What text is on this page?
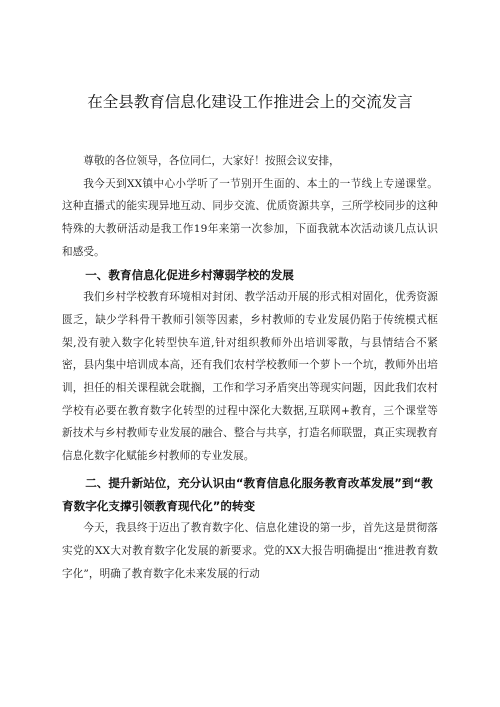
在全县教育信息化建设工作推进会上的交流发言

尊敬的各位领导，各位同仁，大家好！按照会议安排，

我今天到XX镇中心小学听了一节别开生面的、本土的一节线上专递课堂。这种直播式的能实现异地互动、同步交流、优质资源共享，三所学校同步的这种特殊的大教研活动是我工作19年来第一次参加，下面我就本次活动谈几点认识和感受。

一、教育信息化促进乡村薄弱学校的发展

我们乡村学校教育环境相对封闭、教学活动开展的形式相对固化，优秀资源匮乏，缺少学科骨干教师引领等因素，乡村教师的专业发展仍陷于传统模式框架,没有驶入数字化转型快车道,针对组织教师外出培训零散，与县情结合不紧密，县内集中培训成本高，还有我们农村学校教师一个萝卜一个坑，教师外出培训，担任的相关课程就会耽搁，工作和学习矛盾突出等现实问题，因此我们农村学校有必要在教育数字化转型的过程中深化大数据,互联网+教育，三个课堂等新技术与乡村教师专业发展的融合、整合与共享，打造名师联盟，真正实现教育信息化数字化赋能乡村教师的专业发展。

二、提升新站位，充分认识由“教育信息化服务教育改革发展”到“教育数字化支撑引领教育现代化”的转变

今天，我县终于迈出了教育数字化、信息化建设的第一步，首先这是贯彻落实党的XX大对教育数字化发展的新要求。党的XX大报告明确提出“推进教育数字化”，明确了教育数字化未来发展的行动
